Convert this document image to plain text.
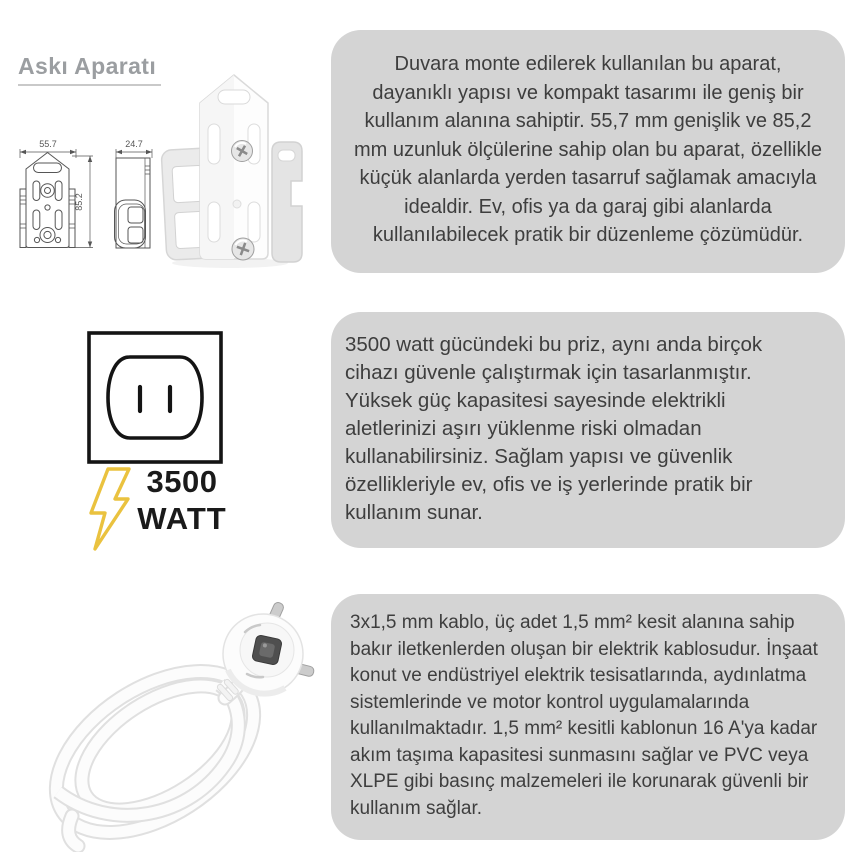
Askı Aparatı
55.7
85.2
24.7

Duvara monte edilerek kullanılan bu aparat, dayanıklı yapısı ve kompakt tasarımı ile geniş bir kullanım alanına sahiptir. 55,7 mm genişlik ve 85,2 mm uzunluk ölçülerine sahip olan bu aparat, özellikle küçük alanlarda yerden tasarruf sağlamak amacıyla idealdir. Ev, ofis ya da garaj gibi alanlarda kullanılabilecek pratik bir düzenleme çözümüdür.

3500
WATT

3500 watt gücündeki bu priz, aynı anda birçok cihazı güvenle çalıştırmak için tasarlanmıştır. Yüksek güç kapasitesi sayesinde elektrikli aletlerinizi aşırı yüklenme riski olmadan kullanabilirsiniz. Sağlam yapısı ve güvenlik özellikleriyle ev, ofis ve iş yerlerinde pratik bir kullanım sunar.

3x1,5 mm kablo, üç adet 1,5 mm² kesit alanına sahip bakır iletkenlerden oluşan bir elektrik kablosudur. İnşaat konut ve endüstriyel elektrik tesisatlarında, aydınlatma sistemlerinde ve motor kontrol uygulamalarında kullanılmaktadır. 1,5 mm² kesitli kablonun 16 A'ya kadar akım taşıma kapasitesi sunmasını sağlar ve PVC veya XLPE gibi basınç malzemeleri ile korunarak güvenli bir kullanım sağlar.
